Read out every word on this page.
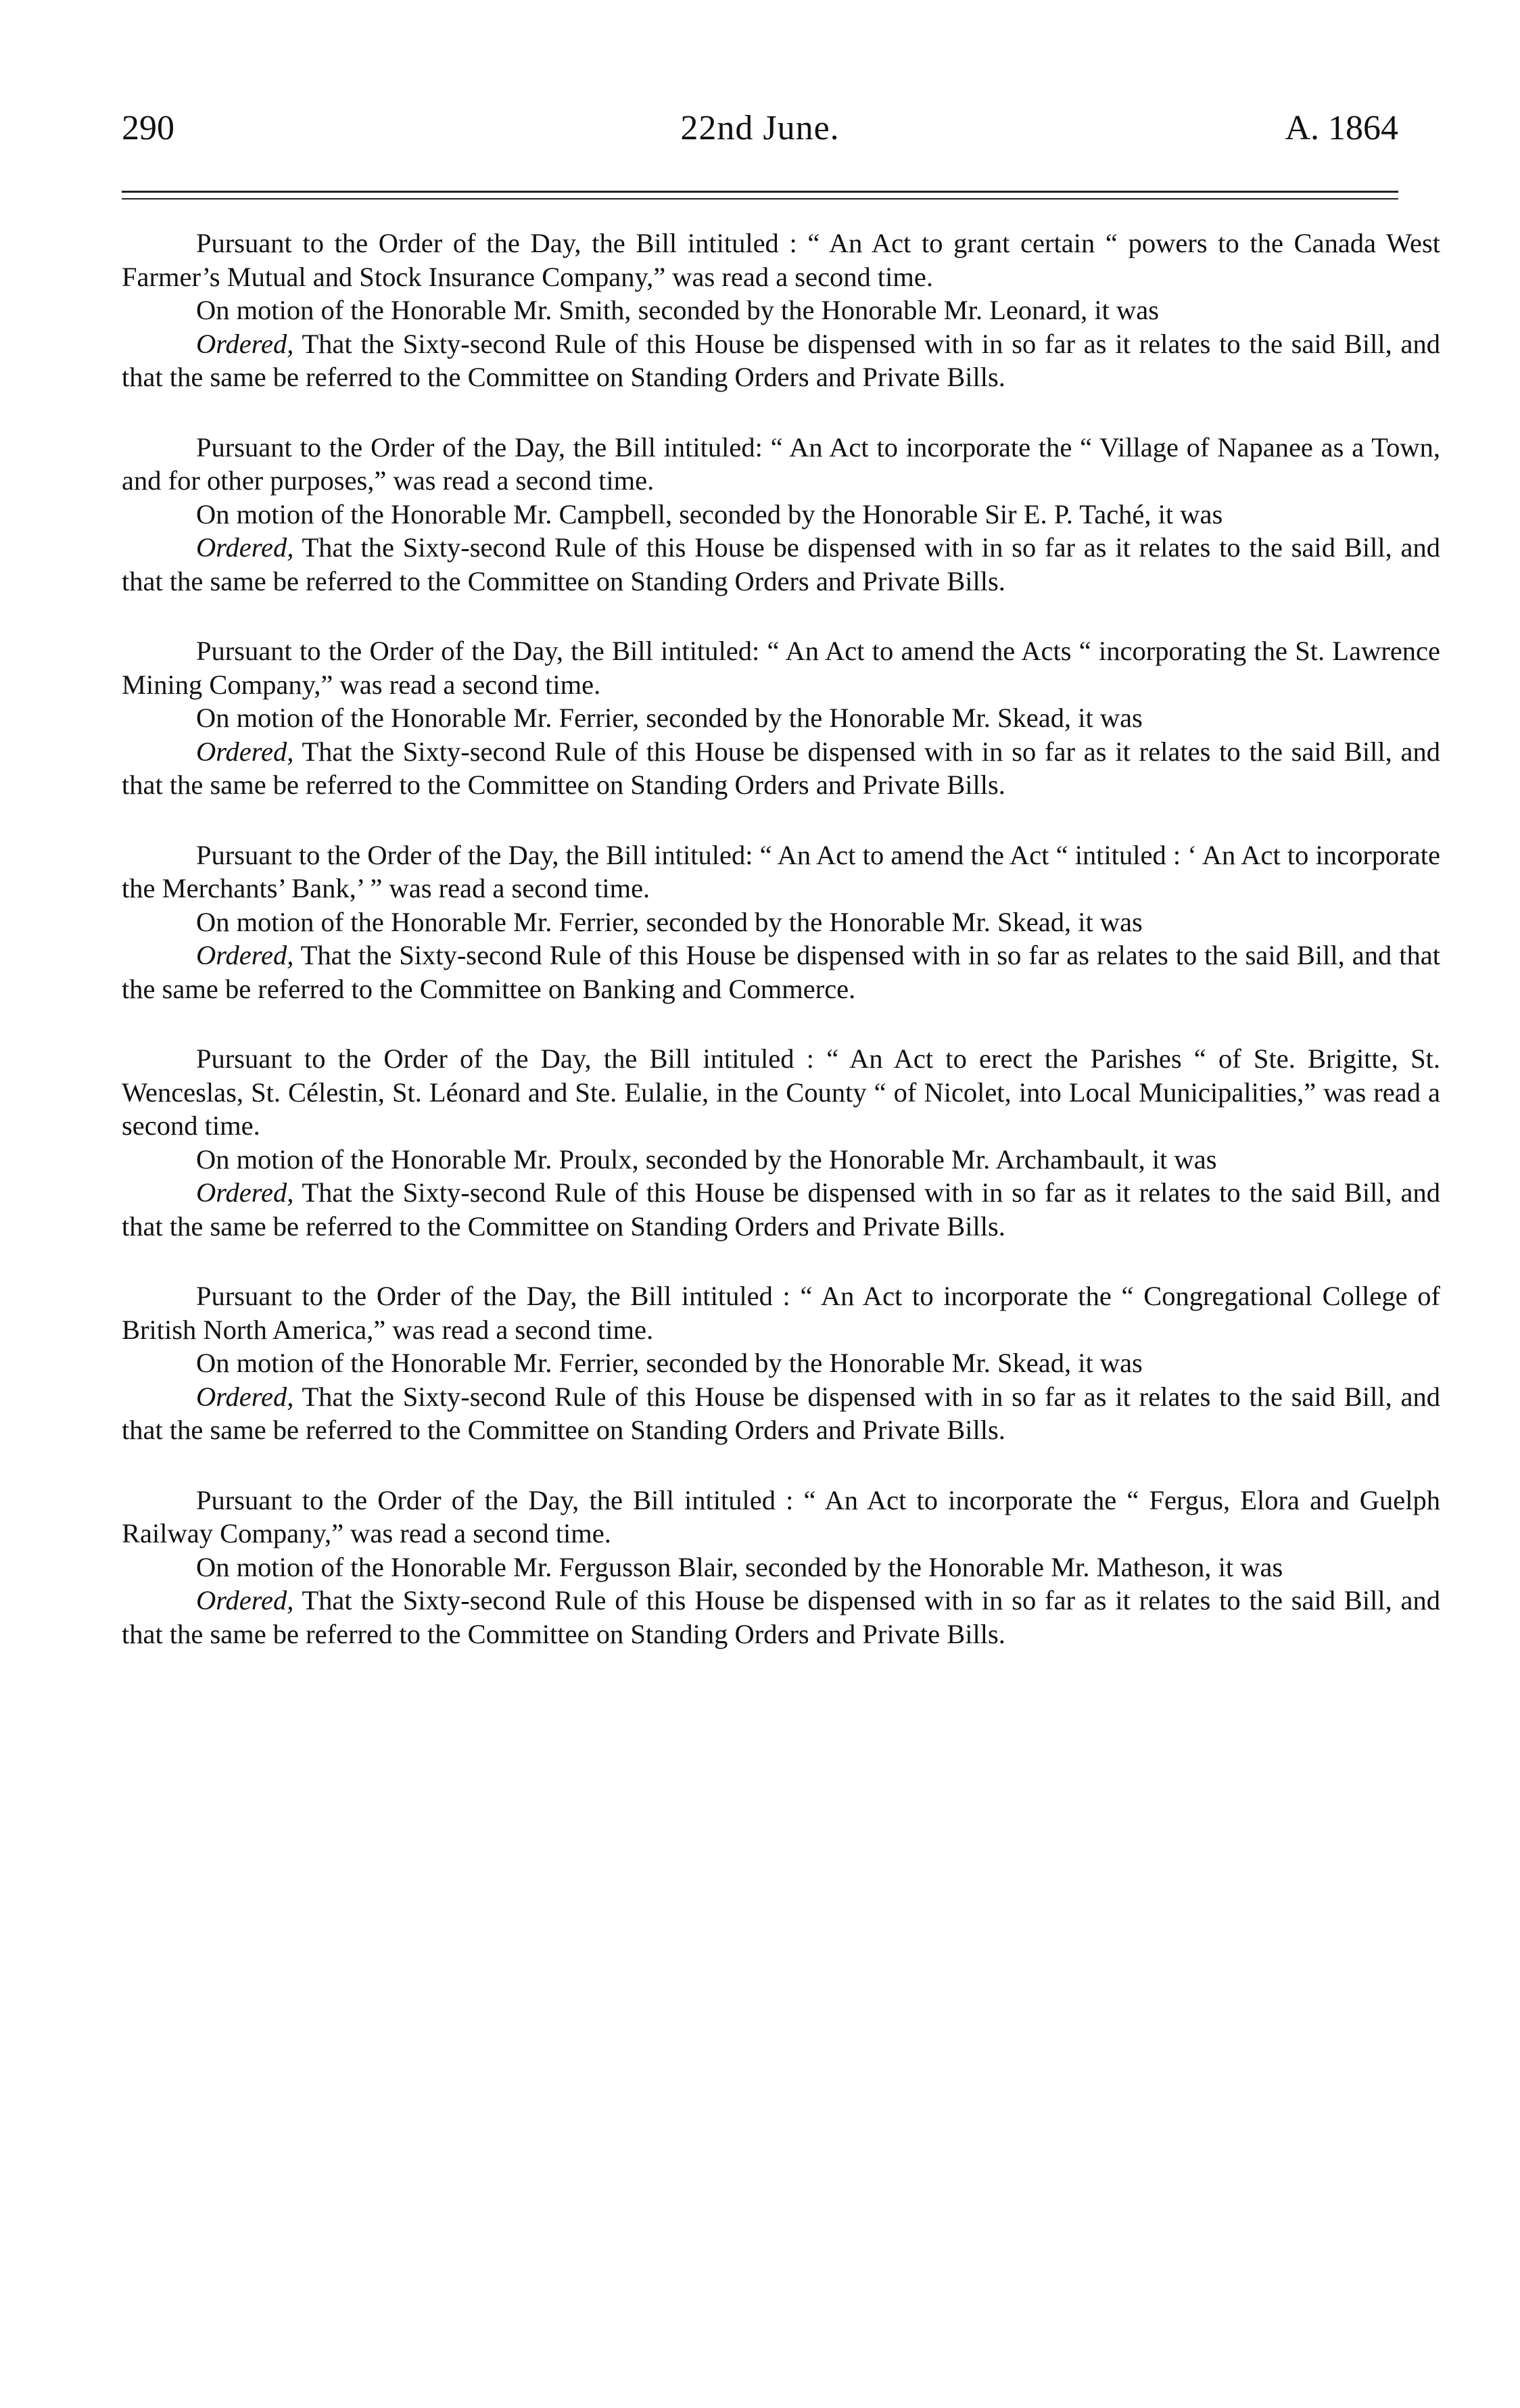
290	22nd June.	A. 1864

Pursuant to the Order of the Day, the Bill intituled : “ An Act to grant certain “ powers to the Canada West Farmer’s Mutual and Stock Insurance Company,” was read a second time.

On motion of the Honorable Mr. Smith, seconded by the Honorable Mr. Leonard, it was

Ordered, That the Sixty-second Rule of this House be dispensed with in so far as it relates to the said Bill, and that the same be referred to the Committee on Standing Orders and Private Bills.

Pursuant to the Order of the Day, the Bill intituled: “ An Act to incorporate the “ Village of Napanee as a Town, and for other purposes,” was read a second time.

On motion of the Honorable Mr. Campbell, seconded by the Honorable Sir E. P. Taché, it was

Ordered, That the Sixty-second Rule of this House be dispensed with in so far as it relates to the said Bill, and that the same be referred to the Committee on Standing Orders and Private Bills.

Pursuant to the Order of the Day, the Bill intituled: “ An Act to amend the Acts “ incorporating the St. Lawrence Mining Company,” was read a second time.

On motion of the Honorable Mr. Ferrier, seconded by the Honorable Mr. Skead, it was

Ordered, That the Sixty-second Rule of this House be dispensed with in so far as it relates to the said Bill, and that the same be referred to the Committee on Standing Orders and Private Bills.

Pursuant to the Order of the Day, the Bill intituled: “ An Act to amend the Act “ intituled : ‘ An Act to incorporate the Merchants’ Bank,’ ” was read a second time.

On motion of the Honorable Mr. Ferrier, seconded by the Honorable Mr. Skead, it was

Ordered, That the Sixty-second Rule of this House be dispensed with in so far as relates to the said Bill, and that the same be referred to the Committee on Banking and Commerce.

Pursuant to the Order of the Day, the Bill intituled : “ An Act to erect the Parishes “ of Ste. Brigitte, St. Wenceslas, St. Célestin, St. Léonard and Ste. Eulalie, in the County “ of Nicolet, into Local Municipalities,” was read a second time.

On motion of the Honorable Mr. Proulx, seconded by the Honorable Mr. Archambault, it was

Ordered, That the Sixty-second Rule of this House be dispensed with in so far as it relates to the said Bill, and that the same be referred to the Committee on Standing Orders and Private Bills.

Pursuant to the Order of the Day, the Bill intituled : “ An Act to incorporate the “ Congregational College of British North America,” was read a second time.

On motion of the Honorable Mr. Ferrier, seconded by the Honorable Mr. Skead, it was

Ordered, That the Sixty-second Rule of this House be dispensed with in so far as it relates to the said Bill, and that the same be referred to the Committee on Standing Orders and Private Bills.

Pursuant to the Order of the Day, the Bill intituled : “ An Act to incorporate the “ Fergus, Elora and Guelph Railway Company,” was read a second time.

On motion of the Honorable Mr. Fergusson Blair, seconded by the Honorable Mr. Matheson, it was

Ordered, That the Sixty-second Rule of this House be dispensed with in so far as it relates to the said Bill, and that the same be referred to the Committee on Standing Orders and Private Bills.
